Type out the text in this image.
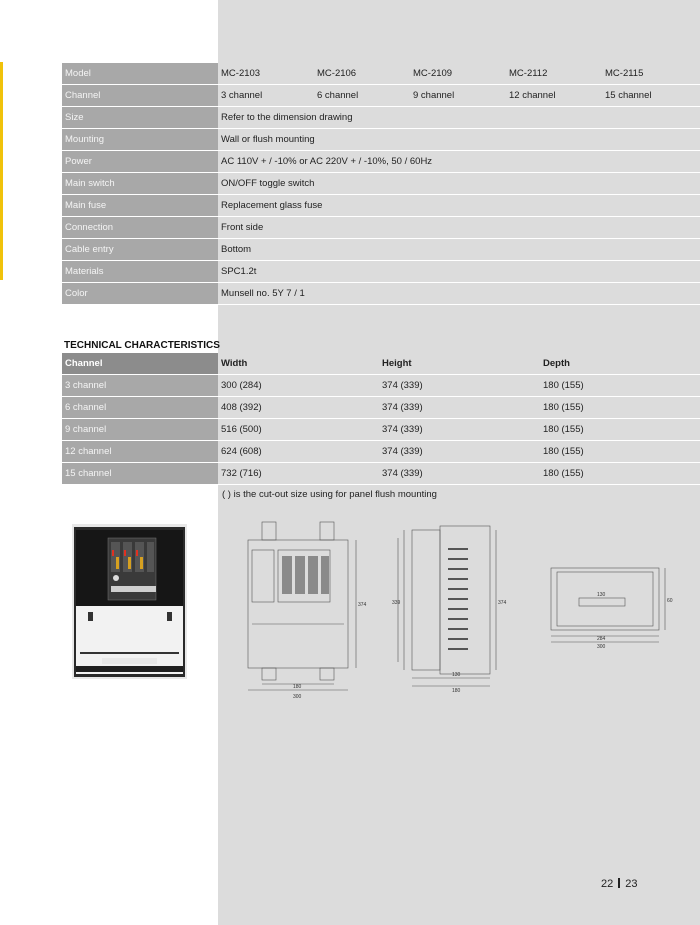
Model	MC-2103	MC-2106	MC-2109	MC-2112	MC-2115
Channel	3 channel	6 channel	9 channel	12 channel	15 channel
Size	Refer to the dimension drawing				
Mounting	Wall or flush mounting				
Power	AC 110V + / -10% or AC 220V + / -10%, 50 / 60Hz				
Main switch	ON/OFF toggle switch				
Main fuse	Replacement glass fuse				
Connection	Front side				
Cable entry	Bottom				
Materials	SPC1.2t				
Color	Munsell no. 5Y 7 / 1				
TECHNICAL CHARACTERISTICS
Channel	Width	Height	Depth
3 channel	300 (284)	374 (339)	180 (155)
6 channel	408 (392)	374 (339)	180 (155)
9 channel	516 (500)	374 (339)	180 (155)
12 channel	624 (608)	374 (339)	180 (155)
15 channel	732 (716)	374 (339)	180 (155)
( ) is the cut-out size using for panel flush mounting
180
300
374
130
180
374
339
130
60
284
300
22 23
